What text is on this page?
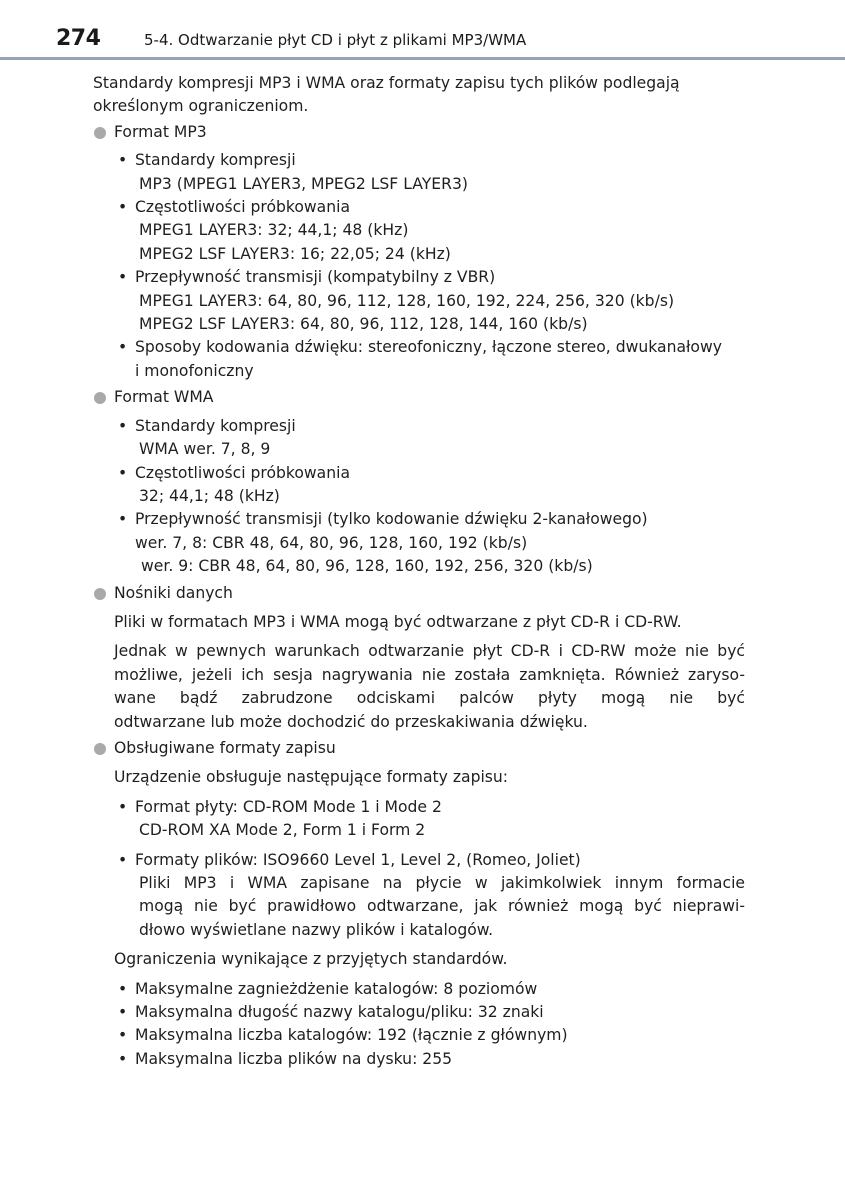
274	5-4. Odtwarzanie płyt CD i płyt z plikami MP3/WMA
Standardy kompresji MP3 i WMA oraz formaty zapisu tych plików podlegają
określonym ograniczeniom.
Format MP3
• Standardy kompresji
MP3 (MPEG1 LAYER3, MPEG2 LSF LAYER3)
• Częstotliwości próbkowania
MPEG1 LAYER3: 32; 44,1; 48 (kHz)
MPEG2 LSF LAYER3: 16; 22,05; 24 (kHz)
• Przepływność transmisji (kompatybilny z VBR)
MPEG1 LAYER3: 64, 80, 96, 112, 128, 160, 192, 224, 256, 320 (kb/s)
MPEG2 LSF LAYER3: 64, 80, 96, 112, 128, 144, 160 (kb/s)
• Sposoby kodowania dźwięku: stereofoniczny, łączone stereo, dwukanałowy
i monofoniczny
Format WMA
• Standardy kompresji
WMA wer. 7, 8, 9
• Częstotliwości próbkowania
32; 44,1; 48 (kHz)
• Przepływność transmisji (tylko kodowanie dźwięku 2-kanałowego)
wer. 7, 8: CBR 48, 64, 80, 96, 128, 160, 192 (kb/s)
wer. 9: CBR 48, 64, 80, 96, 128, 160, 192, 256, 320 (kb/s)
Nośniki danych
Pliki w formatach MP3 i WMA mogą być odtwarzane z płyt CD-R i CD-RW.
Jednak w pewnych warunkach odtwarzanie płyt CD-R i CD-RW może nie być
możliwe, jeżeli ich sesja nagrywania nie została zamknięta. Również zaryso-
wane bądź zabrudzone odciskami palców płyty mogą nie być
odtwarzane lub może dochodzić do przeskakiwania dźwięku.
Obsługiwane formaty zapisu
Urządzenie obsługuje następujące formaty zapisu:
• Format płyty: CD-ROM Mode 1 i Mode 2
CD-ROM XA Mode 2, Form 1 i Form 2
• Formaty plików: ISO9660 Level 1, Level 2, (Romeo, Joliet)
Pliki MP3 i WMA zapisane na płycie w jakimkolwiek innym formacie
mogą nie być prawidłowo odtwarzane, jak również mogą być nieprawi-
dłowo wyświetlane nazwy plików i katalogów.
Ograniczenia wynikające z przyjętych standardów.
• Maksymalne zagnieżdżenie katalogów: 8 poziomów
• Maksymalna długość nazwy katalogu/pliku: 32 znaki
• Maksymalna liczba katalogów: 192 (łącznie z głównym)
• Maksymalna liczba plików na dysku: 255
